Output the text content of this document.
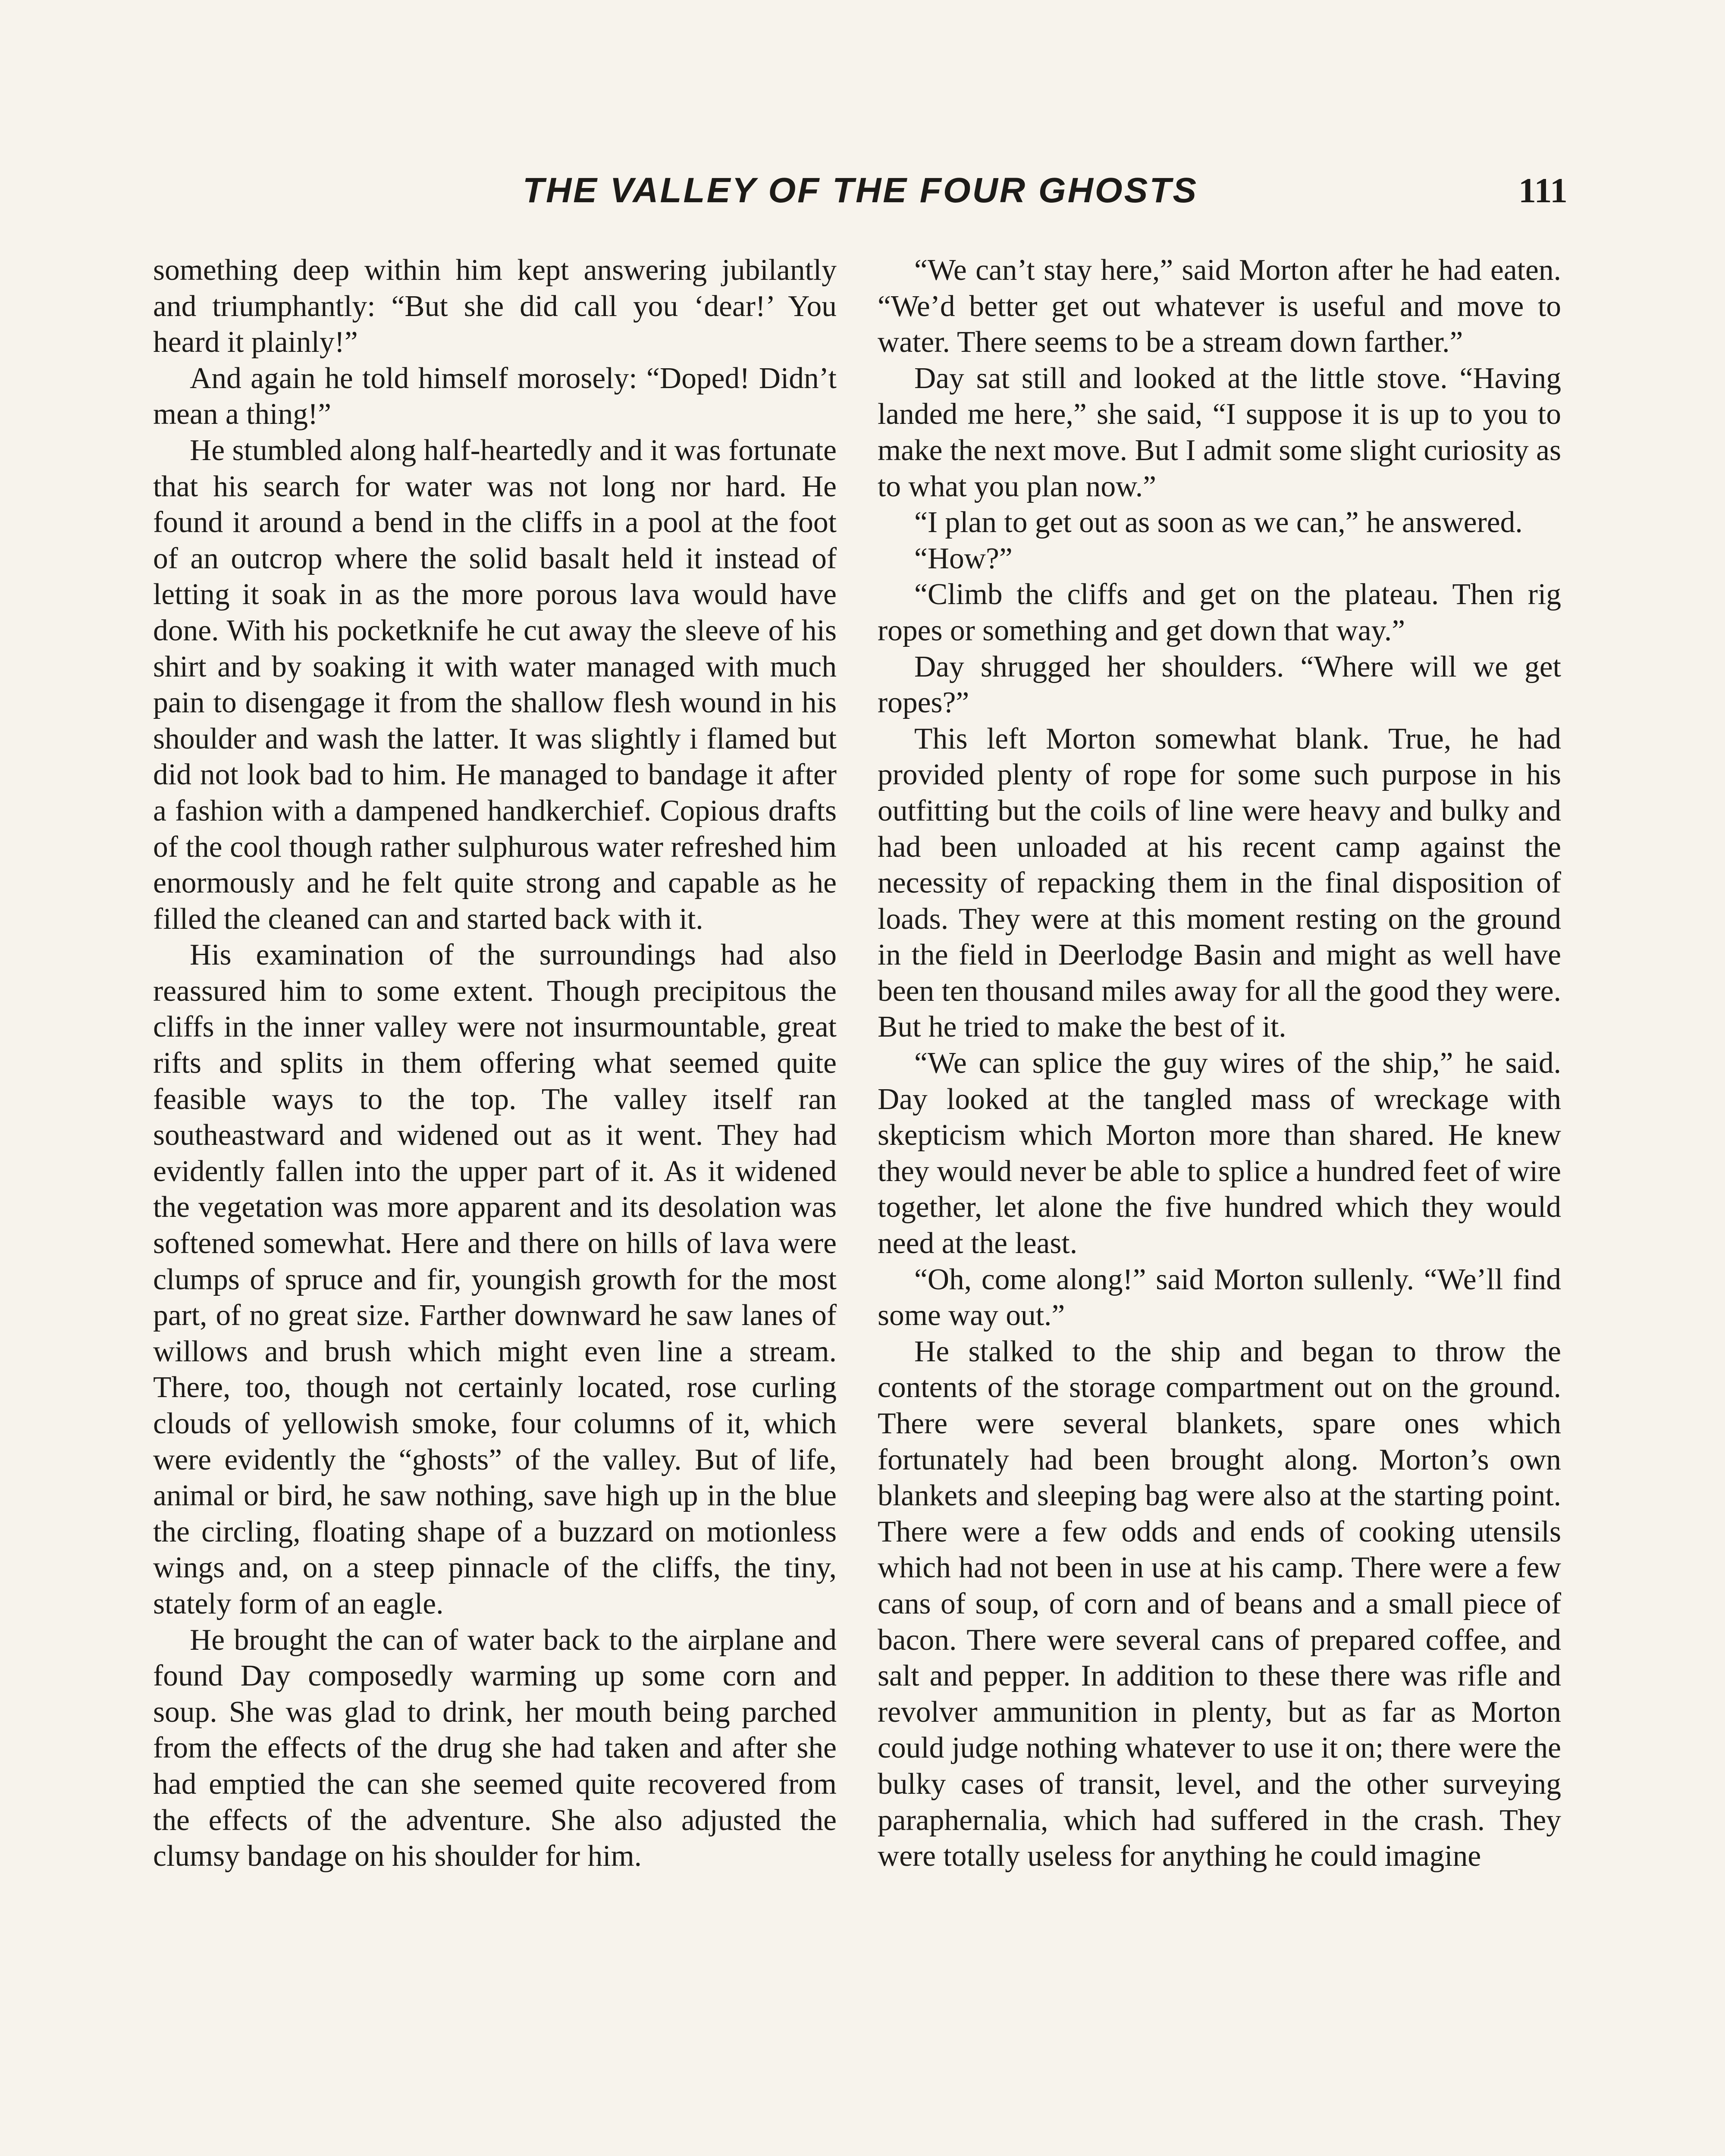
THE VALLEY OF THE FOUR GHOSTS	111

something deep within him kept answering jubilantly and triumphantly: “But she did call you ‘dear!’ You heard it plainly!”

And again he told himself morosely: “Doped! Didn’t mean a thing!”

He stumbled along half-heartedly and it was fortunate that his search for water was not long nor hard. He found it around a bend in the cliffs in a pool at the foot of an outcrop where the solid basalt held it instead of letting it soak in as the more porous lava would have done. With his pocketknife he cut away the sleeve of his shirt and by soaking it with water managed with much pain to disengage it from the shallow flesh wound in his shoulder and wash the latter. It was slightly i flamed but did not look bad to him. He managed to bandage it after a fashion with a dampened handkerchief. Copious drafts of the cool though rather sulphurous water refreshed him enormously and he felt quite strong and capable as he filled the cleaned can and started back with it.

His examination of the surroundings had also reassured him to some extent. Though precipitous the cliffs in the inner valley were not insurmountable, great rifts and splits in them offering what seemed quite feasible ways to the top. The valley itself ran southeastward and widened out as it went. They had evidently fallen into the upper part of it. As it widened the vegetation was more apparent and its desolation was softened somewhat. Here and there on hills of lava were clumps of spruce and fir, youngish growth for the most part, of no great size. Farther downward he saw lanes of willows and brush which might even line a stream. There, too, though not certainly located, rose curling clouds of yellowish smoke, four columns of it, which were evidently the “ghosts” of the valley. But of life, animal or bird, he saw nothing, save high up in the blue the circling, floating shape of a buzzard on motionless wings and, on a steep pinnacle of the cliffs, the tiny, stately form of an eagle.

He brought the can of water back to the airplane and found Day composedly warming up some corn and soup. She was glad to drink, her mouth being parched from the effects of the drug she had taken and after she had emptied the can she seemed quite recovered from the effects of the adventure. She also adjusted the clumsy bandage on his shoulder for him.

“We can’t stay here,” said Morton after he had eaten. “We’d better get out whatever is useful and move to water. There seems to be a stream down farther.”

Day sat still and looked at the little stove. “Having landed me here,” she said, “I suppose it is up to you to make the next move. But I admit some slight curiosity as to what you plan now.”

“I plan to get out as soon as we can,” he answered.

“How?”

“Climb the cliffs and get on the plateau. Then rig ropes or something and get down that way.”

Day shrugged her shoulders. “Where will we get ropes?”

This left Morton somewhat blank. True, he had provided plenty of rope for some such purpose in his outfitting but the coils of line were heavy and bulky and had been unloaded at his recent camp against the necessity of repacking them in the final disposition of loads. They were at this moment resting on the ground in the field in Deerlodge Basin and might as well have been ten thousand miles away for all the good they were. But he tried to make the best of it.

“We can splice the guy wires of the ship,” he said. Day looked at the tangled mass of wreckage with skepticism which Morton more than shared. He knew they would never be able to splice a hundred feet of wire together, let alone the five hundred which they would need at the least.

“Oh, come along!” said Morton sullenly. “We’ll find some way out.”

He stalked to the ship and began to throw the contents of the storage compartment out on the ground. There were several blankets, spare ones which fortunately had been brought along. Morton’s own blankets and sleeping bag were also at the starting point. There were a few odds and ends of cooking utensils which had not been in use at his camp. There were a few cans of soup, of corn and of beans and a small piece of bacon. There were several cans of prepared coffee, and salt and pepper. In addition to these there was rifle and revolver ammunition in plenty, but as far as Morton could judge nothing whatever to use it on; there were the bulky cases of transit, level, and the other surveying paraphernalia, which had suffered in the crash. They were totally useless for anything he could imagine
